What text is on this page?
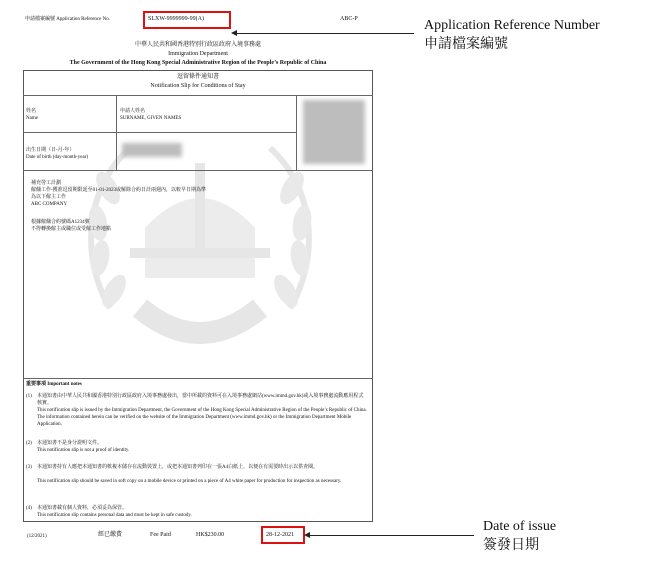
申請檔案編號 Application Reference No.	SLXW-9999999-99(A)	ABC-P	Application Reference Number
申請檔案編號
中華人民共和國香港特別行政區政府入境事務處
Immigration Department
The Government of the Hong Kong Special Administrative Region of the People’s Republic of China
逗留條件通知書
Notification Slip for Conditions of Stay
姓名
Name
申請人姓名
SURNAME, GIVEN NAMES
出生日期（日-月-年）
Date of birth (day-month-year)
補充勞工計劃
僱傭工作-獲准逗留期限延至01-01-2023或解除合約日計兩週內，以較早日期為準
為以下僱主工作
ABC COMPANY
根據僱傭合約號碼A1234號
不得轉換僱主或職位或受僱工作地點
重要事項 Important notes
(1) 本通知書由中華人民共和國香港特別行政區政府入境事務處發出，當中所載的資料可在入境事務處網站(www.immd.gov.hk)或入境事務處流動應用程式核實。
This notification slip is issued by the Immigration Department, the Government of the Hong Kong Special Administrative Region of the People’s Republic of China. The information contained herein can be verified on the website of the Immigration Department (www.immd.gov.hk) or the Immigration Department Mobile Application.
(2) 本通知書不是身分證明文件。
This notification slip is not a proof of identity.
(3) 本通知書持有人應把本通知書的軟複本儲存在流動裝置上，或把本通知書列印在一張A4白紙上，以便在有需要時出示以供查閱。
This notification slip should be saved in soft copy on a mobile device or printed on a piece of A4 white paper for production for inspection as necessary.
(4) 本通知書載有個人資料，必須妥為保管。
This notification slip contains personal data and must be kept in safe custody.
(12/2021)	經已繳費	Fee Paid	HK$230.00	28-12-2021
Date of issue
簽發日期
